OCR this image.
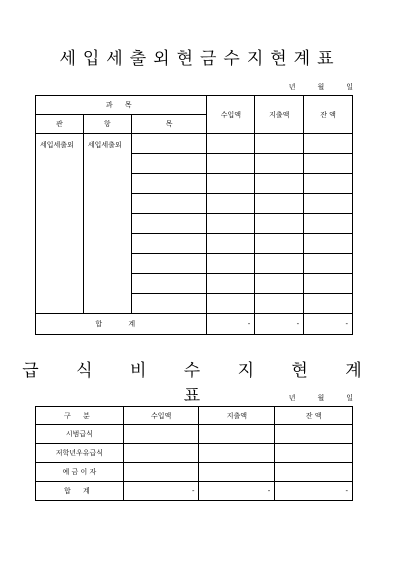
세입세출외현금수지현계표
년	월	일
과 목			수입액	지출액	잔 액
관	항	목			
세입세출외	세입세출외				

합 계			-	-	-
급 식 비 수 지 현 계 표	년	월	일
구 분	수입액	지출액	잔 액
시범급식			
저학년우유급식			
예 금 이 자			
합 계	-	-	-
